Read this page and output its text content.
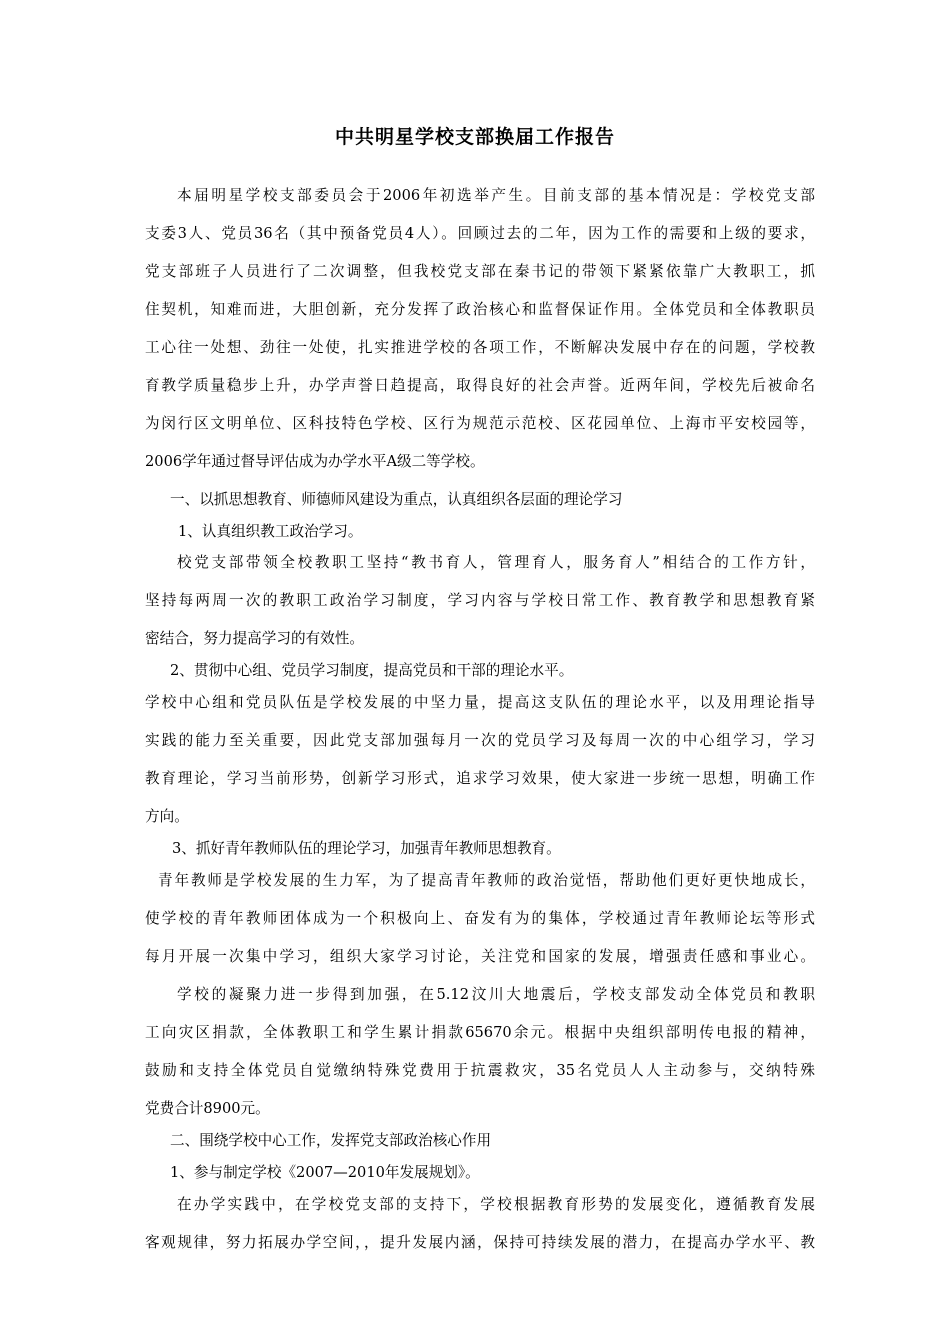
中共明星学校支部换届工作报告
本届明星学校支部委员会于2006年初选举产生。目前支部的基本情况是：学校党支部
支委3人、党员36名（其中预备党员4人）。回顾过去的二年，因为工作的需要和上级的要求，
党支部班子人员进行了二次调整，但我校党支部在秦书记的带领下紧紧依靠广大教职工，抓
住契机，知难而进，大胆创新，充分发挥了政治核心和监督保证作用。全体党员和全体教职员
工心往一处想、劲往一处使，扎实推进学校的各项工作，不断解决发展中存在的问题，学校教
育教学质量稳步上升，办学声誉日趋提高，取得良好的社会声誉。近两年间，学校先后被命名
为闵行区文明单位、区科技特色学校、区行为规范示范校、区花园单位、上海市平安校园等，
2006学年通过督导评估成为办学水平A级二等学校。
一、以抓思想教育、师德师风建设为重点，认真组织各层面的理论学习
1、认真组织教工政治学习。
校党支部带领全校教职工坚持“教书育人，管理育人，服务育人”相结合的工作方针，
坚持每两周一次的教职工政治学习制度，学习内容与学校日常工作、教育教学和思想教育紧
密结合，努力提高学习的有效性。
2、贯彻中心组、党员学习制度，提高党员和干部的理论水平。
学校中心组和党员队伍是学校发展的中坚力量，提高这支队伍的理论水平，以及用理论指导
实践的能力至关重要，因此党支部加强每月一次的党员学习及每周一次的中心组学习，学习
教育理论，学习当前形势，创新学习形式，追求学习效果，使大家进一步统一思想，明确工作
方向。
3、抓好青年教师队伍的理论学习，加强青年教师思想教育。
青年教师是学校发展的生力军，为了提高青年教师的政治觉悟，帮助他们更好更快地成长，
使学校的青年教师团体成为一个积极向上、奋发有为的集体，学校通过青年教师论坛等形式
每月开展一次集中学习，组织大家学习讨论，关注党和国家的发展，增强责任感和事业心。
学校的凝聚力进一步得到加强，在5.12汶川大地震后，学校支部发动全体党员和教职
工向灾区捐款，全体教职工和学生累计捐款65670余元。根据中央组织部明传电报的精神，
鼓励和支持全体党员自觉缴纳特殊党费用于抗震救灾，35名党员人人主动参与，交纳特殊
党费合计8900元。
二、围绕学校中心工作，发挥党支部政治核心作用
1、参与制定学校《2007—2010年发展规划》。
在办学实践中，在学校党支部的支持下，学校根据教育形势的发展变化，遵循教育发展
客观规律，努力拓展办学空间，，提升发展内涵，保持可持续发展的潜力，在提高办学水平、教
